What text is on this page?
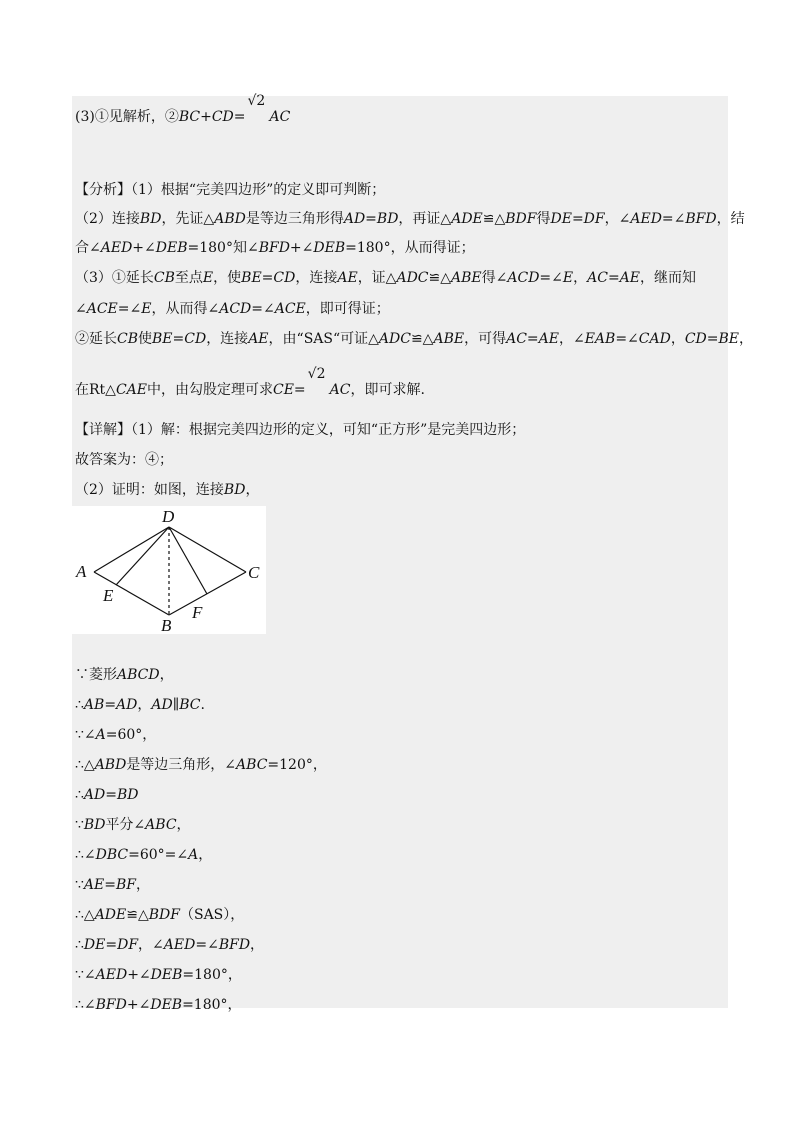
(3)①见解析，②BC+CD=
√2
AC
【分析】（1）根据“完美四边形”的定义即可判断；
（2）连接BD，先证△ABD是等边三角形得AD=BD，再证△ADE≌△BDF得DE=DF，∠AED=∠BFD，结
合∠AED+∠DEB=180°知∠BFD+∠DEB=180°，从而得证；
（3）①延长CB至点E，使BE=CD，连接AE，证△ADC≌△ABE得∠ACD=∠E，AC=AE，继而知
∠ACE=∠E，从而得∠ACD=∠ACE，即可得证；
②延长CB使BE=CD，连接AE，由“SAS“可证△ADC≌△ABE，可得AC=AE，∠EAB=∠CAD，CD=BE，
在Rt△CAE中，由勾股定理可求CE=
√2
AC，即可求解.
【详解】（1）解：根据完美四边形的定义，可知“正方形”是完美四边形；
故答案为：④；
（2）证明：如图，连接BD，
D
A	C
E
B
F
∵菱形ABCD，
∴AB=AD，AD∥BC.
∵∠A=60°，
∴△ABD是等边三角形，∠ABC=120°，
∴AD=BD
∵BD平分∠ABC，
∴∠DBC=60°=∠A，
∵AE=BF，
∴△ADE≌△BDF（SAS），
∴DE=DF，∠AED=∠BFD，
∵∠AED+∠DEB=180°，
∴∠BFD+∠DEB=180°，
